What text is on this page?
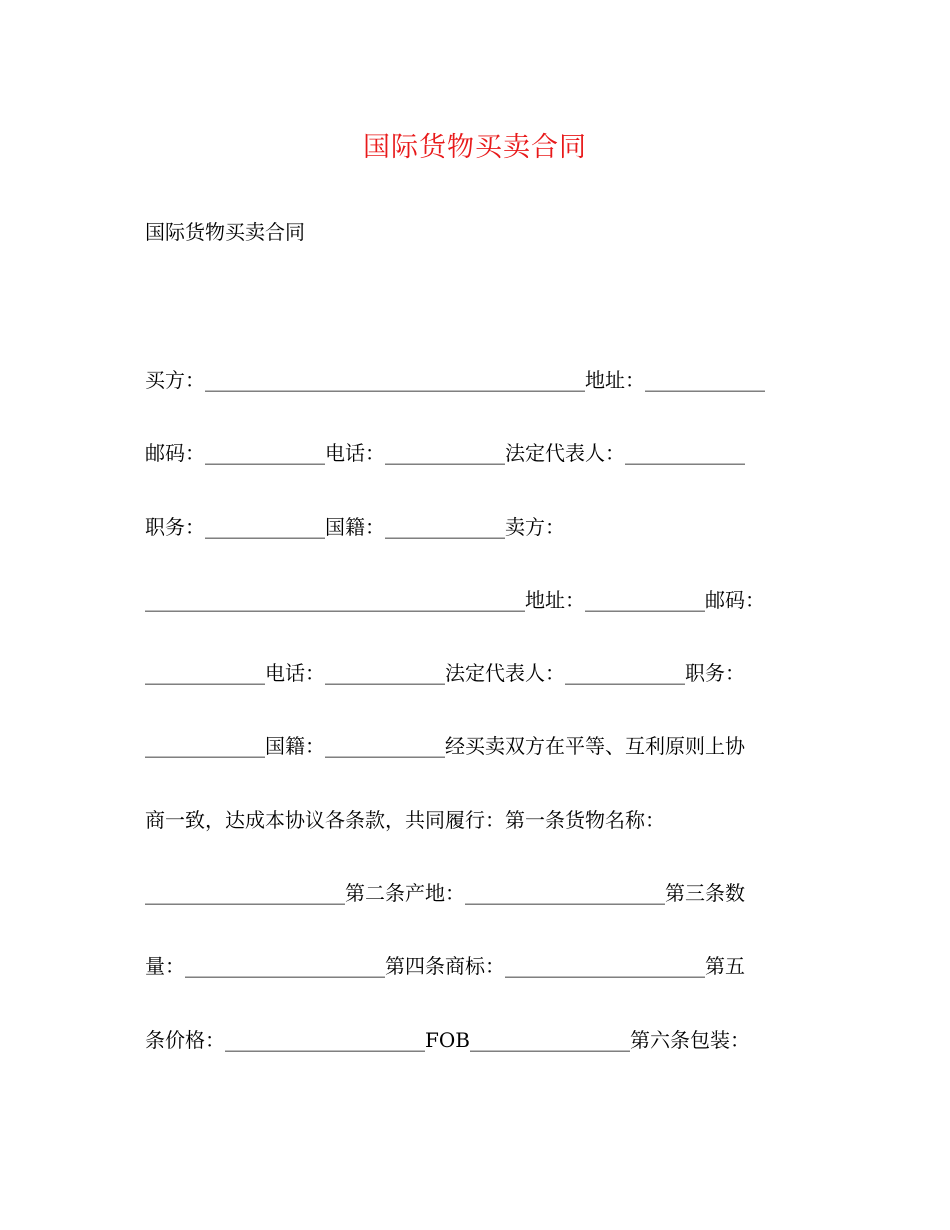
国际货物买卖合同
国际货物买卖合同
买方：______________________________________地址：____________
邮码：____________电话：____________法定代表人：____________
职务：____________国籍：____________卖方：
______________________________________地址：____________邮码：
____________电话：____________法定代表人：____________职务：
____________国籍：____________经买卖双方在平等、互利原则上协
商一致，达成本协议各条款，共同履行：第一条货物名称：
____________________第二条产地：____________________第三条数
量：____________________第四条商标：____________________第五
条价格：____________________FOB________________第六条包装：
